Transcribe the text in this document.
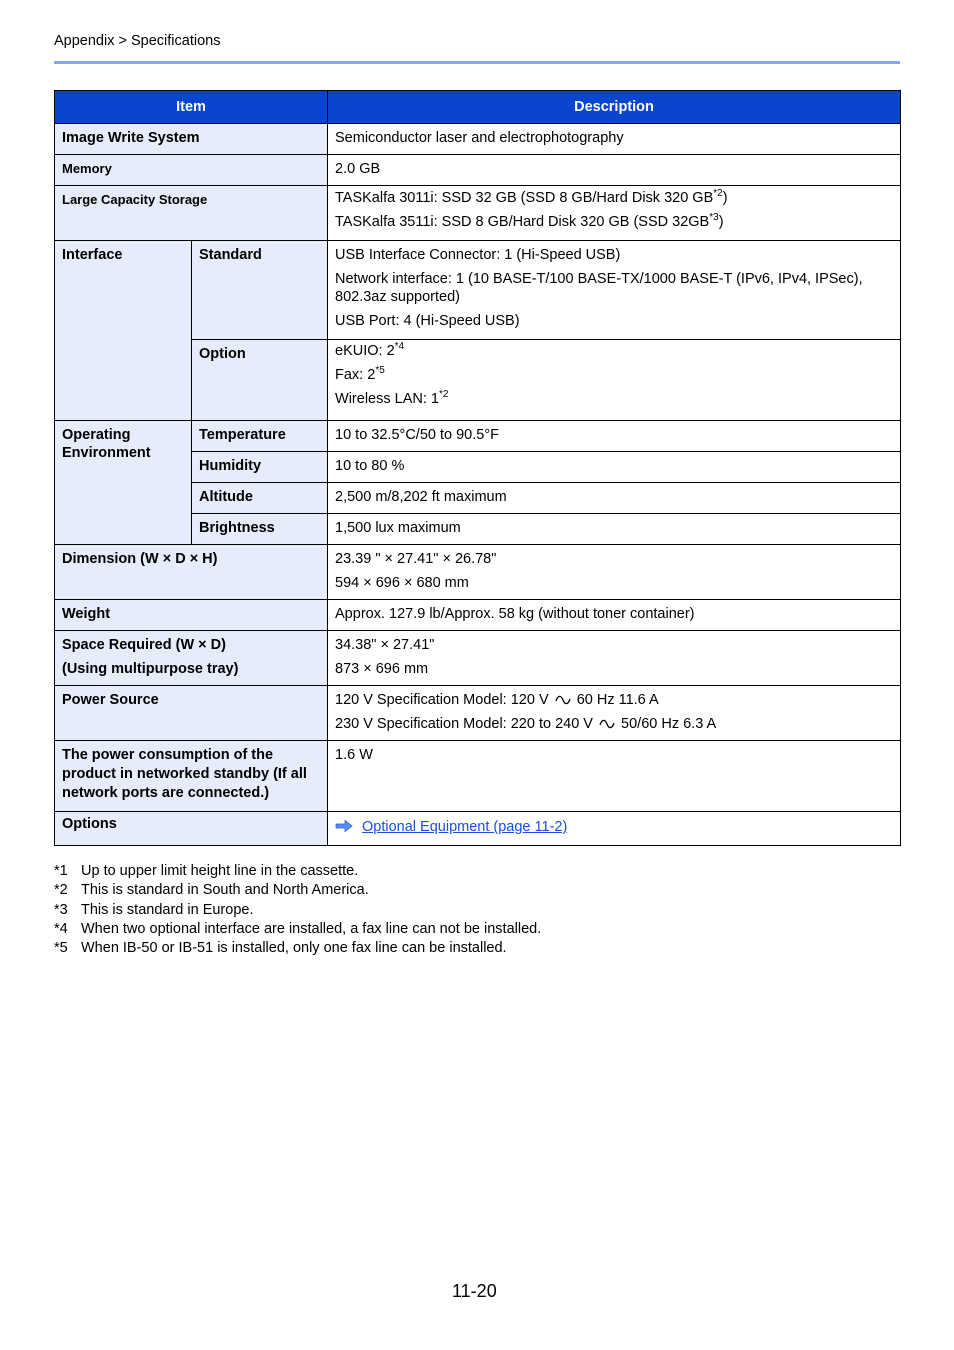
Appendix > Specifications
Item		Description
Image Write System		Semiconductor laser and electrophotography
Memory		2.0 GB
Large Capacity Storage		TASKalfa 3011i: SSD 32 GB (SSD 8 GB/Hard Disk 320 GB$^{*2}$)
TASKalfa 3511i: SSD 8 GB/Hard Disk 320 GB (SSD 32GB$^{*3}$)

Interface	Standard	USB Interface Connector: 1 (Hi-Speed USB)
Network interface: 1 (10 BASE-T/100 BASE-TX/1000 BASE-T (IPv6, IPv4, IPSec), 802.3az supported)
USB Port: 4 (Hi-Speed USB)

	Option	eKUIO: 2$^{*4}$
Fax: 2$^{*5}$
Wireless LAN: 1$^{*2}$

Operating Environment	Temperature	10 to 32.5°C/50 to 90.5°F
	Humidity	10 to 80 %
	Altitude	2,500 m/8,202 ft maximum
	Brightness	1,500 lux maximum
Dimension (W × D × H)		23.39 " × 27.41" × 26.78"
594 × 696 × 680 mm

Weight		Approx. 127.9 lb/Approx. 58 kg (without toner container)

Space Required (W × D)
(Using multipurpose tray)		34.38" × 27.41"
873 × 696 mm

Power Source		120 V Specification Model: 120 V 60 Hz 11.6 A
230 V Specification Model: 220 to 240 V 50/60 Hz 6.3 A

The power consumption of the product in networked standby (If all network ports are connected.)		1.6 W
Options		Optional Equipment (page 11-2)
*1 Up to upper limit height line in the cassette.
*2 This is standard in South and North America.
*3 This is standard in Europe.
*4 When two optional interface are installed, a fax line can not be installed.
*5 When IB-50 or IB-51 is installed, only one fax line can be installed.
11-20
